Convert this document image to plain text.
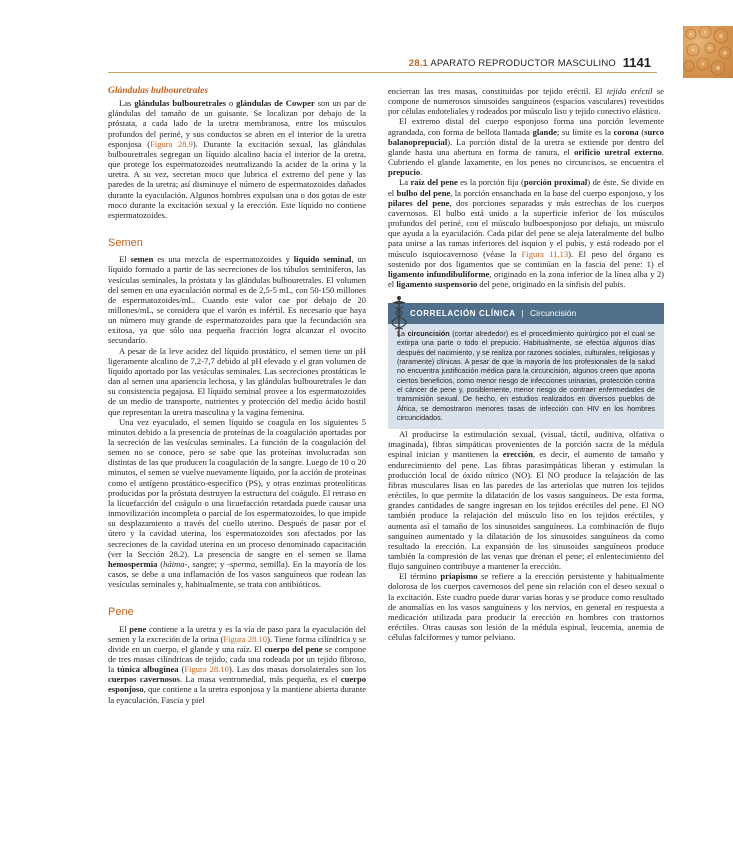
28.1 APARATO REPRODUCTOR MASCULINO 1141
Glándulas bulbouretrales

Las glándulas bulbouretrales o glándulas de Cowper son un par de glándulas del tamaño de un guisante. Se localizan por debajo de la próstata, a cada lado de la uretra membranosa, entre los músculos profundos del periné, y sus conductos se abren en el interior de la uretra esponjosa (Figura 28.9). Durante la excitación sexual, las glándulas bulbouretrales segregan un líquido alcalino hacia el interior de la uretra, que protege los espermatozoides neutralizando la acidez de la orina y la uretra. A su vez, secretan moco que lubrica el extremo del pene y las paredes de la uretra; así disminuye el número de espermatozoides dañados durante la eyaculación. Algunos hombres expulsan una o dos gotas de este moco durante la excitación sexual y la erección. Este líquido no contiene espermatozoides.

Semen

El semen es una mezcla de espermatozoides y líquido seminal, un líquido formado a partir de las secreciones de los túbulos seminíferos, las vesículas seminales, la próstata y las glándulas bulbouretrales. El volumen del semen en una eyaculación normal es de 2,5-5 mL, con 50-150 millones de espermatozoides/mL. Cuando este valor cae por debajo de 20 millones/mL, se considera que el varón es infértil. Es necesario que haya un número muy grande de espermatozoides para que la fecundación sea exitosa, ya que sólo una pequeña fracción logra alcanzar el ovocito secundario.

A pesar de la leve acidez del líquido prostático, el semen tiene un pH ligeramente alcalino de 7,2-7,7 debido al pH elevado y el gran volumen de líquido aportado por las vesículas seminales. Las secreciones prostáticas le dan al semen una apariencia lechosa, y las glándulas bulbouretrales le dan su consistencia pegajosa. El líquido seminal provee a los espermatozoides de un medio de transporte, nutrientes y protección del medio ácido hostil que representan la uretra masculina y la vagina femenina.

Una vez eyaculado, el semen líquido se coagula en los siguientes 5 minutos debido a la presencia de proteínas de la coagulación aportadas por la secreción de las vesículas seminales. La función de la coagulación del semen no se conoce, pero se sabe que las proteínas involucradas son distintas de las que producen la coagulación de la sangre. Luego de 10 o 20 minutos, el semen se vuelve nuevamente líquido, por la acción de proteínas como el antígeno prostático-específico (PS), y otras enzimas proteolíticas producidas por la próstata destruyen la estructura del coágulo. El retraso en la licuefacción del coágulo o una licuefacción retardada puede causar una inmovilización incompleta o parcial de los espermatozoides, lo que impide su desplazamiento a través del cuello uterino. Después de pasar por el útero y la cavidad uterina, los espermatozoides son afectados por las secreciones de la cavidad uterina en un proceso denominado capacitación (ver la Sección 28.2). La presencia de sangre en el semen se llama hemospermia (háima-, sangre; y -sperma, semilla). En la mayoría de los casos, se debe a una inflamación de los vasos sanguíneos que rodean las vesículas seminales y, habitualmente, se trata con antibióticos.

Pene

El pene contiene a la uretra y es la vía de paso para la eyaculación del semen y la excreción de la orina (Figura 28.10). Tiene forma cilíndrica y se divide en un cuerpo, el glande y una raíz. El cuerpo del pene se compone de tres masas cilíndricas de tejido, cada una rodeada por un tejido fibroso, la túnica albugínea (Figura 28.10). Las dos masas dorsolaterales son los cuerpos cavernosos. La masa ventromedial, más pequeña, es el cuerpo esponjoso, que contiene a la uretra esponjosa y la mantiene abierta durante la eyaculación. Fascia y piel

encierran las tres masas, constituidas por tejido eréctil. El tejido eréctil se compone de numerosos sinusoides sanguíneos (espacios vasculares) revestidos por células endoteliales y rodeados por músculo liso y tejido conectivo elástico.

El extremo distal del cuerpo esponjoso forma una porción levemente agrandada, con forma de bellota llamada glande; su límite es la corona (surco balanoprepucial). La porción distal de la uretra se extiende por dentro del glande hasta una abertura en forma de ranura, el orificio uretral externo. Cubriendo el glande laxamente, en los penes no circuncisos, se encuentra el prepucio.

La raíz del pene es la porción fija (porción proximal) de éste. Se divide en el bulbo del pene, la porción ensanchada en la base del cuerpo esponjoso, y los pilares del pene, dos porciones separadas y más estrechas de los cuerpos cavernosos. El bulbo está unido a la superficie inferior de los músculos profundos del periné, con el músculo bulboesponjoso por debajo, un músculo que ayuda a la eyaculación. Cada pilar del pene se aleja lateralmente del bulbo para unirse a las ramas inferiores del isquion y el pubis, y está rodeado por el músculo isquiocavernoso (véase la Figura 11.13). El peso del órgano es sostenido por dos ligamentos que se continúan en la fascia del pene: 1) el ligamento infundibuliforme, originado en la zona inferior de la línea alba y 2) el ligamento suspensorio del pene, originado en la sínfisis del pubis.

CORRELACIÓN CLÍNICA | Circuncisión
La circuncisión (cortar alrededor) es el procedimiento quirúrgico por el cual se extirpa una parte o todo el prepucio. Habitualmente, se efectúa algunos días después del nacimiento, y se realiza por razones sociales, culturales, religiosas y (raramente) clínicas. A pesar de que la mayoría de los profesionales de la salud no encuentra justificación médica para la circuncisión, algunos creen que aporta ciertos beneficios, como menor riesgo de infecciones urinarias, protección contra el cáncer de pene y, posiblemente, menor riesgo de contraer enfermedades de transmisión sexual. De hecho, en estudios realizados en diversos pueblos de África, se demostraron menores tasas de infección con HIV en los hombres circuncidados.

Al producirse la estimulación sexual, (visual, táctil, auditiva, olfativa o imaginada), fibras simpáticas provenientes de la porción sacra de la médula espinal inician y mantienen la erección, es decir, el aumento de tamaño y endurecimiento del pene. Las fibras parasimpáticas liberan y estimulan la producción local de óxido nítrico (NO). El NO produce la relajación de las fibras musculares lisas en las paredes de las arteriolas que nutren los tejidos eréctiles, lo que permite la dilatación de los vasos sanguíneos. De esta forma, grandes cantidades de sangre ingresan en los tejidos eréctiles del pene. El NO también produce la relajación del músculo liso en los tejidos eréctiles, y aumenta así el tamaño de los sinusoides sanguíneos. La combinación de flujo sanguíneo aumentado y la dilatación de los sinusoides sanguíneos da como resultado la erección. La expansión de los sinusoides sanguíneos produce también la compresión de las venas que drenan el pene; el enlentecimiento del flujo sanguíneo contribuye a mantener la erección.

El término priapismo se refiere a la erección persistente y habitualmente dolorosa de los cuerpos cavernosos del pene sin relación con el deseo sexual o la excitación. Este cuadro puede durar varias horas y se produce como resultado de anomalías en los vasos sanguíneos y los nervios, en general en respuesta a medicación utilizada para producir la erección en hombres con trastornos eréctiles. Otras causas son lesión de la médula espinal, leucemia, anemia de células falciformes y tumor pelviano.
